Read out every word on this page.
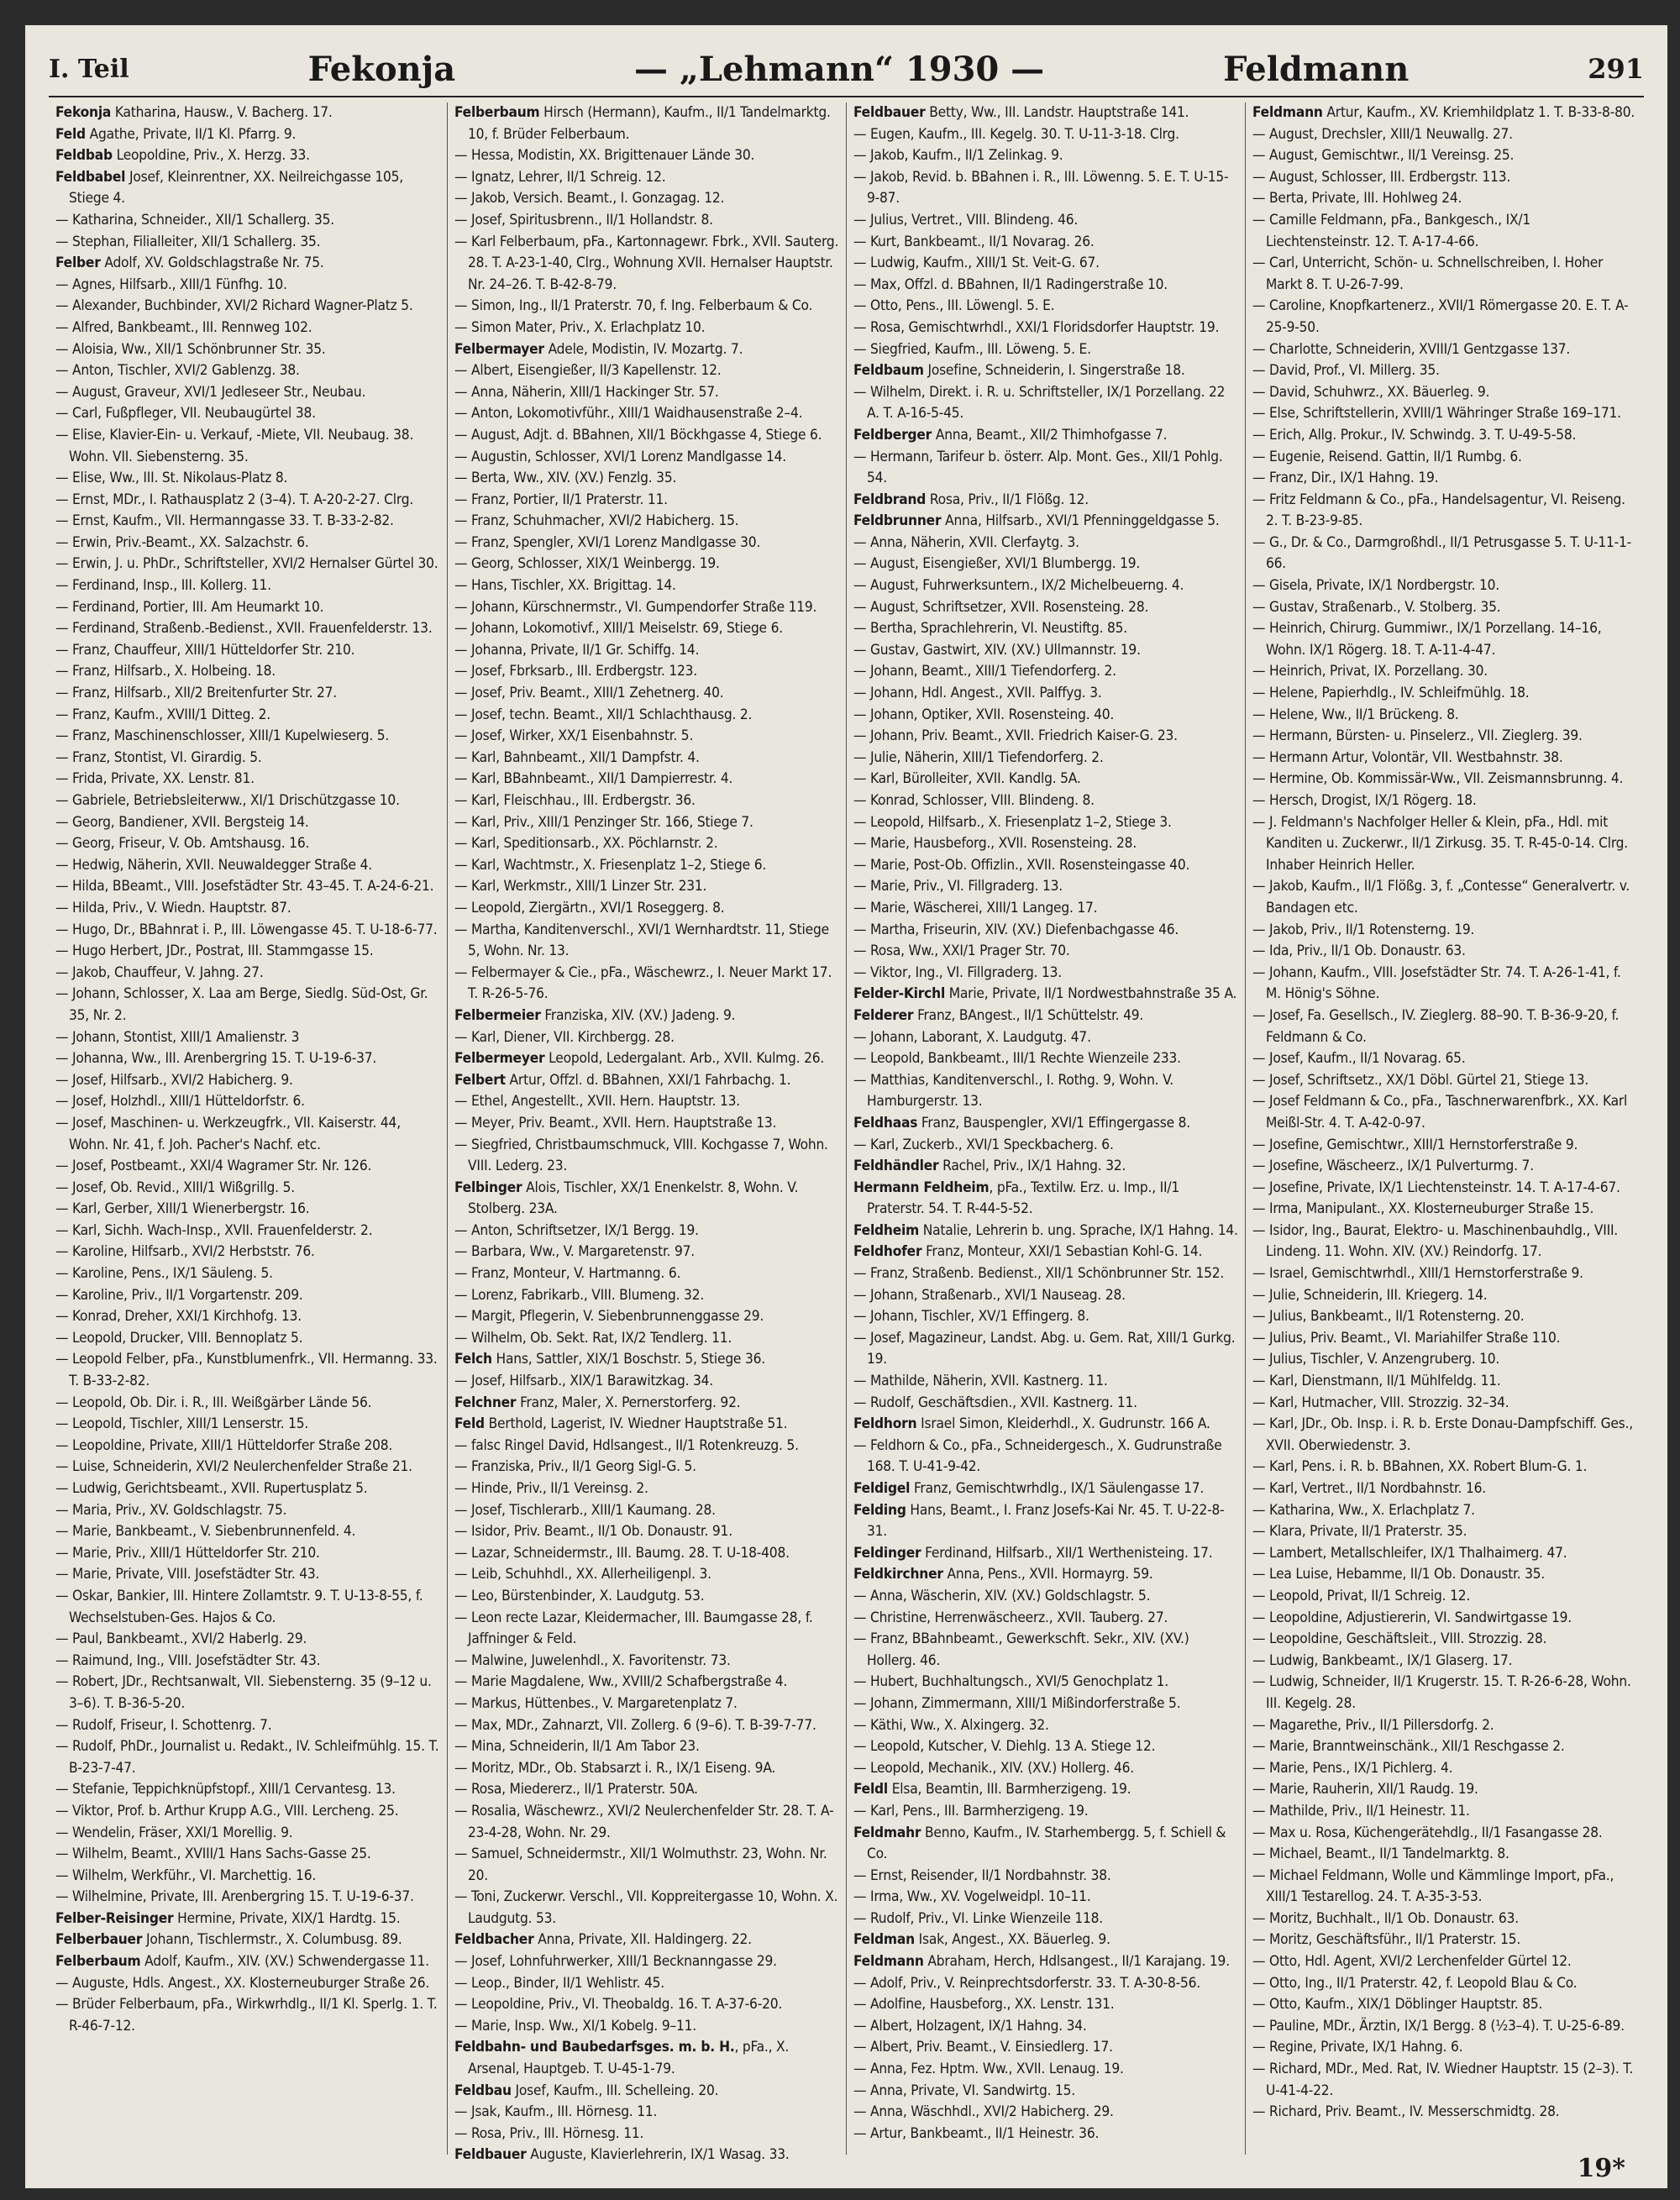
I. Teil	Fekonja	— „Lehmann“ 1930 —	Feldmann	291

Fekonja Katharina, Hausw., V. Bacherg. 17.

Feld Agathe, Private, II/1 Kl. Pfarrg. 9.

Feldbab Leopoldine, Priv., X. Herzg. 33.

Feldbabel Josef, Kleinrentner, XX. Neilreichgasse 105, Stiege 4.

— Katharina, Schneider., XII/1 Schallerg. 35.

— Stephan, Filialleiter, XII/1 Schallerg. 35.

Felber Adolf, XV. Goldschlagstraße Nr. 75.

— Agnes, Hilfsarb., XIII/1 Fünfhg. 10.

— Alexander, Buchbinder, XVI/2 Richard Wagner-Platz 5.

— Alfred, Bankbeamt., III. Rennweg 102.

— Aloisia, Ww., XII/1 Schönbrunner Str. 35.

— Anton, Tischler, XVI/2 Gablenzg. 38.

— August, Graveur, XVI/1 Jedleseer Str., Neubau.

— Carl, Fußpfleger, VII. Neubaugürtel 38.

— Elise, Klavier-Ein- u. Verkauf, -Miete, VII. Neubaug. 38. Wohn. VII. Siebensterng. 35.

— Elise, Ww., III. St. Nikolaus-Platz 8.

— Ernst, MDr., I. Rathausplatz 2 (3–4). T. A-20-2-27. Clrg.

— Ernst, Kaufm., VII. Hermanngasse 33. T. B-33-2-82.

— Erwin, Priv.-Beamt., XX. Salzachstr. 6.

— Erwin, J. u. PhDr., Schriftsteller, XVI/2 Hernalser Gürtel 30.

— Ferdinand, Insp., III. Kollerg. 11.

— Ferdinand, Portier, III. Am Heumarkt 10.

— Ferdinand, Straßenb.-Bedienst., XVII. Frauenfelderstr. 13.

— Franz, Chauffeur, XIII/1 Hütteldorfer Str. 210.

— Franz, Hilfsarb., X. Holbeing. 18.

— Franz, Hilfsarb., XII/2 Breitenfurter Str. 27.

— Franz, Kaufm., XVIII/1 Ditteg. 2.

— Franz, Maschinenschlosser, XIII/1 Kupelwieserg. 5.

— Franz, Stontist, VI. Girardig. 5.

— Frida, Private, XX. Lenstr. 81.

— Gabriele, Betriebsleiterww., XI/1 Drischützgasse 10.

— Georg, Bandiener, XVII. Bergsteig 14.

— Georg, Friseur, V. Ob. Amtshausg. 16.

— Hedwig, Näherin, XVII. Neuwaldegger Straße 4.

— Hilda, BBeamt., VIII. Josefstädter Str. 43–45. T. A-24-6-21.

— Hilda, Priv., V. Wiedn. Hauptstr. 87.

— Hugo, Dr., BBahnrat i. P., III. Löwengasse 45. T. U-18-6-77.

— Hugo Herbert, JDr., Postrat, III. Stammgasse 15.

— Jakob, Chauffeur, V. Jahng. 27.

— Johann, Schlosser, X. Laa am Berge, Siedlg. Süd-Ost, Gr. 35, Nr. 2.

— Johann, Stontist, XIII/1 Amalienstr. 3

— Johanna, Ww., III. Arenbergring 15. T. U-19-6-37.

— Josef, Hilfsarb., XVI/2 Habicherg. 9.

— Josef, Holzhdl., XIII/1 Hütteldorfstr. 6.

— Josef, Maschinen- u. Werkzeugfrk., VII. Kaiserstr. 44, Wohn. Nr. 41, f. Joh. Pacher's Nachf. etc.

— Josef, Postbeamt., XXI/4 Wagramer Str. Nr. 126.

— Josef, Ob. Revid., XIII/1 Wißgrillg. 5.

— Karl, Gerber, XIII/1 Wienerbergstr. 16.

— Karl, Sichh. Wach-Insp., XVII. Frauenfelderstr. 2.

— Karoline, Hilfsarb., XVI/2 Herbststr. 76.

— Karoline, Pens., IX/1 Säuleng. 5.

— Karoline, Priv., II/1 Vorgartenstr. 209.

— Konrad, Dreher, XXI/1 Kirchhofg. 13.

— Leopold, Drucker, VIII. Bennoplatz 5.

— Leopold Felber, pFa., Kunstblumenfrk., VII. Hermanng. 33. T. B-33-2-82.

— Leopold, Ob. Dir. i. R., III. Weißgärber Lände 56.

— Leopold, Tischler, XIII/1 Lenserstr. 15.

— Leopoldine, Private, XIII/1 Hütteldorfer Straße 208.

— Luise, Schneiderin, XVI/2 Neulerchenfelder Straße 21.

— Ludwig, Gerichtsbeamt., XVII. Rupertusplatz 5.

— Maria, Priv., XV. Goldschlagstr. 75.

— Marie, Bankbeamt., V. Siebenbrunnenfeld. 4.

— Marie, Priv., XIII/1 Hütteldorfer Str. 210.

— Marie, Private, VIII. Josefstädter Str. 43.

— Oskar, Bankier, III. Hintere Zollamtstr. 9. T. U-13-8-55, f. Wechselstuben-Ges. Hajos & Co.

— Paul, Bankbeamt., XVI/2 Haberlg. 29.

— Raimund, Ing., VIII. Josefstädter Str. 43.

— Robert, JDr., Rechtsanwalt, VII. Siebensterng. 35 (9–12 u. 3–6). T. B-36-5-20.

— Rudolf, Friseur, I. Schottenrg. 7.

— Rudolf, PhDr., Journalist u. Redakt., IV. Schleifmühlg. 15. T. B-23-7-47.

— Stefanie, Teppichknüpfstopf., XIII/1 Cervantesg. 13.

— Viktor, Prof. b. Arthur Krupp A.G., VIII. Lercheng. 25.

— Wendelin, Fräser, XXI/1 Morellig. 9.

— Wilhelm, Beamt., XVIII/1 Hans Sachs-Gasse 25.

— Wilhelm, Werkführ., VI. Marchettig. 16.

— Wilhelmine, Private, III. Arenbergring 15. T. U-19-6-37.

Felber-Reisinger Hermine, Private, XIX/1 Hardtg. 15.

Felberbauer Johann, Tischlermstr., X. Columbusg. 89.

Felberbaum Adolf, Kaufm., XIV. (XV.) Schwendergasse 11.

— Auguste, Hdls. Angest., XX. Klosterneuburger Straße 26.

— Brüder Felberbaum, pFa., Wirkwrhdlg., II/1 Kl. Sperlg. 1. T. R-46-7-12.

Felberbaum Hirsch (Hermann), Kaufm., II/1 Tandelmarktg. 10, f. Brüder Felberbaum.

— Hessa, Modistin, XX. Brigittenauer Lände 30.

— Ignatz, Lehrer, II/1 Schreig. 12.

— Jakob, Versich. Beamt., I. Gonzagag. 12.

— Josef, Spiritusbrenn., II/1 Hollandstr. 8.

— Karl Felberbaum, pFa., Kartonnagewr. Fbrk., XVII. Sauterg. 28. T. A-23-1-40, Clrg., Wohnung XVII. Hernalser Hauptstr. Nr. 24–26. T. B-42-8-79.

— Simon, Ing., II/1 Praterstr. 70, f. Ing. Felberbaum & Co.

— Simon Mater, Priv., X. Erlachplatz 10.

Felbermayer Adele, Modistin, IV. Mozartg. 7.

— Albert, Eisengießer, II/3 Kapellenstr. 12.

— Anna, Näherin, XIII/1 Hackinger Str. 57.

— Anton, Lokomotivführ., XIII/1 Waidhausenstraße 2–4.

— August, Adjt. d. BBahnen, XII/1 Böckhgasse 4, Stiege 6.

— Augustin, Schlosser, XVI/1 Lorenz Mandlgasse 14.

— Berta, Ww., XIV. (XV.) Fenzlg. 35.

— Franz, Portier, II/1 Praterstr. 11.

— Franz, Schuhmacher, XVI/2 Habicherg. 15.

— Franz, Spengler, XVI/1 Lorenz Mandlgasse 30.

— Georg, Schlosser, XIX/1 Weinbergg. 19.

— Hans, Tischler, XX. Brigittag. 14.

— Johann, Kürschnermstr., VI. Gumpendorfer Straße 119.

— Johann, Lokomotivf., XIII/1 Meiselstr. 69, Stiege 6.

— Johanna, Private, II/1 Gr. Schiffg. 14.

— Josef, Fbrksarb., III. Erdbergstr. 123.

— Josef, Priv. Beamt., XIII/1 Zehetnerg. 40.

— Josef, techn. Beamt., XII/1 Schlachthausg. 2.

— Josef, Wirker, XX/1 Eisenbahnstr. 5.

— Karl, Bahnbeamt., XII/1 Dampfstr. 4.

— Karl, BBahnbeamt., XII/1 Dampierrestr. 4.

— Karl, Fleischhau., III. Erdbergstr. 36.

— Karl, Priv., XIII/1 Penzinger Str. 166, Stiege 7.

— Karl, Speditionsarb., XX. Pöchlarnstr. 2.

— Karl, Wachtmstr., X. Friesenplatz 1–2, Stiege 6.

— Karl, Werkmstr., XIII/1 Linzer Str. 231.

— Leopold, Ziergärtn., XVI/1 Roseggerg. 8.

— Martha, Kanditenverschl., XVI/1 Wernhardtstr. 11, Stiege 5, Wohn. Nr. 13.

— Felbermayer & Cie., pFa., Wäschewrz., I. Neuer Markt 17. T. R-26-5-76.

Felbermeier Franziska, XIV. (XV.) Jadeng. 9.

— Karl, Diener, VII. Kirchbergg. 28.

Felbermeyer Leopold, Ledergalant. Arb., XVII. Kulmg. 26.

Felbert Artur, Offzl. d. BBahnen, XXI/1 Fahrbachg. 1.

— Ethel, Angestellt., XVII. Hern. Hauptstr. 13.

— Meyer, Priv. Beamt., XVII. Hern. Hauptstraße 13.

— Siegfried, Christbaumschmuck, VIII. Kochgasse 7, Wohn. VIII. Lederg. 23.

Felbinger Alois, Tischler, XX/1 Enenkelstr. 8, Wohn. V. Stolberg. 23A.

— Anton, Schriftsetzer, IX/1 Bergg. 19.

— Barbara, Ww., V. Margaretenstr. 97.

— Franz, Monteur, V. Hartmanng. 6.

— Lorenz, Fabrikarb., VIII. Blumeng. 32.

— Margit, Pflegerin, V. Siebenbrunnenggasse 29.

— Wilhelm, Ob. Sekt. Rat, IX/2 Tendlerg. 11.

Felch Hans, Sattler, XIX/1 Boschstr. 5, Stiege 36.

— Josef, Hilfsarb., XIX/1 Barawitzkag. 34.

Felchner Franz, Maler, X. Pernerstorferg. 92.

Feld Berthold, Lagerist, IV. Wiedner Hauptstraße 51.

— falsc Ringel David, Hdlsangest., II/1 Rotenkreuzg. 5.

— Franziska, Priv., II/1 Georg Sigl-G. 5.

— Hinde, Priv., II/1 Vereinsg. 2.

— Josef, Tischlerarb., XIII/1 Kaumang. 28.

— Isidor, Priv. Beamt., II/1 Ob. Donaustr. 91.

— Lazar, Schneidermstr., III. Baumg. 28. T. U-18-408.

— Leib, Schuhhdl., XX. Allerheiligenpl. 3.

— Leo, Bürstenbinder, X. Laudgutg. 53.

— Leon recte Lazar, Kleidermacher, III. Baumgasse 28, f. Jaffninger & Feld.

— Malwine, Juwelenhdl., X. Favoritenstr. 73.

— Marie Magdalene, Ww., XVIII/2 Schafbergstraße 4.

— Markus, Hüttenbes., V. Margaretenplatz 7.

— Max, MDr., Zahnarzt, VII. Zollerg. 6 (9–6). T. B-39-7-77.

— Mina, Schneiderin, II/1 Am Tabor 23.

— Moritz, MDr., Ob. Stabsarzt i. R., IX/1 Eiseng. 9A.

— Rosa, Miedererz., II/1 Praterstr. 50A.

— Rosalia, Wäschewrz., XVI/2 Neulerchenfelder Str. 28. T. A-23-4-28, Wohn. Nr. 29.

— Samuel, Schneidermstr., XII/1 Wolmuthstr. 23, Wohn. Nr. 20.

— Toni, Zuckerwr. Verschl., VII. Koppreitergasse 10, Wohn. X. Laudgutg. 53.

Feldbacher Anna, Private, XII. Haldingerg. 22.

— Josef, Lohnfuhrwerker, XIII/1 Becknanngasse 29.

— Leop., Binder, II/1 Wehlistr. 45.

— Leopoldine, Priv., VI. Theobaldg. 16. T. A-37-6-20.

— Marie, Insp. Ww., XI/1 Kobelg. 9–11.

Feldbahn- und Baubedarfsges. m. b. H., pFa., X. Arsenal, Hauptgeb. T. U-45-1-79.

Feldbau Josef, Kaufm., III. Schelleing. 20.

— Jsak, Kaufm., III. Hörnesg. 11.

— Rosa, Priv., III. Hörnesg. 11.

Feldbauer Auguste, Klavierlehrerin, IX/1 Wasag. 33.

Feldbauer Betty, Ww., III. Landstr. Hauptstraße 141.

— Eugen, Kaufm., III. Kegelg. 30. T. U-11-3-18. Clrg.

— Jakob, Kaufm., II/1 Zelinkag. 9.

— Jakob, Revid. b. BBahnen i. R., III. Löwenng. 5. E. T. U-15-9-87.

— Julius, Vertret., VIII. Blindeng. 46.

— Kurt, Bankbeamt., II/1 Novarag. 26.

— Ludwig, Kaufm., XIII/1 St. Veit-G. 67.

— Max, Offzl. d. BBahnen, II/1 Radingerstraße 10.

— Otto, Pens., III. Löwengl. 5. E.

— Rosa, Gemischtwrhdl., XXI/1 Floridsdorfer Hauptstr. 19.

— Siegfried, Kaufm., III. Löweng. 5. E.

Feldbaum Josefine, Schneiderin, I. Singerstraße 18.

— Wilhelm, Direkt. i. R. u. Schriftsteller, IX/1 Porzellang. 22 A. T. A-16-5-45.

Feldberger Anna, Beamt., XII/2 Thimhofgasse 7.

— Hermann, Tarifeur b. österr. Alp. Mont. Ges., XII/1 Pohlg. 54.

Feldbrand Rosa, Priv., II/1 Flößg. 12.

Feldbrunner Anna, Hilfsarb., XVI/1 Pfenninggeldgasse 5.

— Anna, Näherin, XVII. Clerfaytg. 3.

— August, Eisengießer, XVI/1 Blumbergg. 19.

— August, Fuhrwerksuntern., IX/2 Michelbeuerng. 4.

— August, Schriftsetzer, XVII. Rosensteing. 28.

— Bertha, Sprachlehrerin, VI. Neustiftg. 85.

— Gustav, Gastwirt, XIV. (XV.) Ullmannstr. 19.

— Johann, Beamt., XIII/1 Tiefendorferg. 2.

— Johann, Hdl. Angest., XVII. Palffyg. 3.

— Johann, Optiker, XVII. Rosensteing. 40.

— Johann, Priv. Beamt., XVII. Friedrich Kaiser-G. 23.

— Julie, Näherin, XIII/1 Tiefendorferg. 2.

— Karl, Bürolleiter, XVII. Kandlg. 5A.

— Konrad, Schlosser, VIII. Blindeng. 8.

— Leopold, Hilfsarb., X. Friesenplatz 1–2, Stiege 3.

— Marie, Hausbeforg., XVII. Rosensteing. 28.

— Marie, Post-Ob. Offizlin., XVII. Rosensteingasse 40.

— Marie, Priv., VI. Fillgraderg. 13.

— Marie, Wäscherei, XIII/1 Langeg. 17.

— Martha, Friseurin, XIV. (XV.) Diefenbachgasse 46.

— Rosa, Ww., XXI/1 Prager Str. 70.

— Viktor, Ing., VI. Fillgraderg. 13.

Felder-Kirchl Marie, Private, II/1 Nordwestbahnstraße 35 A.

Felderer Franz, BAngest., II/1 Schüttelstr. 49.

— Johann, Laborant, X. Laudgutg. 47.

— Leopold, Bankbeamt., III/1 Rechte Wienzeile 233.

— Matthias, Kanditenverschl., I. Rothg. 9, Wohn. V. Hamburgerstr. 13.

Feldhaas Franz, Bauspengler, XVI/1 Effingergasse 8.

— Karl, Zuckerb., XVI/1 Speckbacherg. 6.

Feldhändler Rachel, Priv., IX/1 Hahng. 32.

Hermann Feldheim, pFa., Textilw. Erz. u. Imp., II/1 Praterstr. 54. T. R-44-5-52.

Feldheim Natalie, Lehrerin b. ung. Sprache, IX/1 Hahng. 14.

Feldhofer Franz, Monteur, XXI/1 Sebastian Kohl-G. 14.

— Franz, Straßenb. Bedienst., XII/1 Schönbrunner Str. 152.

— Johann, Straßenarb., XVI/1 Nauseag. 28.

— Johann, Tischler, XV/1 Effingerg. 8.

— Josef, Magazineur, Landst. Abg. u. Gem. Rat, XIII/1 Gurkg. 19.

— Mathilde, Näherin, XVII. Kastnerg. 11.

— Rudolf, Geschäftsdien., XVII. Kastnerg. 11.

Feldhorn Israel Simon, Kleiderhdl., X. Gudrunstr. 166 A.

— Feldhorn & Co., pFa., Schneidergesch., X. Gudrunstraße 168. T. U-41-9-42.

Feldigel Franz, Gemischtwrhdlg., IX/1 Säulengasse 17.

Felding Hans, Beamt., I. Franz Josefs-Kai Nr. 45. T. U-22-8-31.

Feldinger Ferdinand, Hilfsarb., XII/1 Werthenisteing. 17.

Feldkirchner Anna, Pens., XVII. Hormayrg. 59.

— Anna, Wäscherin, XIV. (XV.) Goldschlagstr. 5.

— Christine, Herrenwäscheerz., XVII. Tauberg. 27.

— Franz, BBahnbeamt., Gewerkschft. Sekr., XIV. (XV.) Hollerg. 46.

— Hubert, Buchhaltungsch., XVI/5 Genochplatz 1.

— Johann, Zimmermann, XIII/1 Mißindorferstraße 5.

— Käthi, Ww., X. Alxingerg. 32.

— Leopold, Kutscher, V. Diehlg. 13 A. Stiege 12.

— Leopold, Mechanik., XIV. (XV.) Hollerg. 46.

Feldl Elsa, Beamtin, III. Barmherzigeng. 19.

— Karl, Pens., III. Barmherzigeng. 19.

Feldmahr Benno, Kaufm., IV. Starhembergg. 5, f. Schiell & Co.

— Ernst, Reisender, II/1 Nordbahnstr. 38.

— Irma, Ww., XV. Vogelweidpl. 10–11.

— Rudolf, Priv., VI. Linke Wienzeile 118.

Feldman Isak, Angest., XX. Bäuerleg. 9.

Feldmann Abraham, Herch, Hdlsangest., II/1 Karajang. 19.

— Adolf, Priv., V. Reinprechtsdorferstr. 33. T. A-30-8-56.

— Adolfine, Hausbeforg., XX. Lenstr. 131.

— Albert, Holzagent, IX/1 Hahng. 34.

— Albert, Priv. Beamt., V. Einsiedlerg. 17.

— Anna, Fez. Hptm. Ww., XVII. Lenaug. 19.

— Anna, Private, VI. Sandwirtg. 15.

— Anna, Wäschhdl., XVI/2 Habicherg. 29.

— Artur, Bankbeamt., II/1 Heinestr. 36.

Feldmann Artur, Kaufm., XV. Kriemhildplatz 1. T. B-33-8-80.

— August, Drechsler, XIII/1 Neuwallg. 27.

— August, Gemischtwr., II/1 Vereinsg. 25.

— August, Schlosser, III. Erdbergstr. 113.

— Berta, Private, III. Hohlweg 24.

— Camille Feldmann, pFa., Bankgesch., IX/1 Liechtensteinstr. 12. T. A-17-4-66.

— Carl, Unterricht, Schön- u. Schnellschreiben, I. Hoher Markt 8. T. U-26-7-99.

— Caroline, Knopfkartenerz., XVII/1 Römergasse 20. E. T. A-25-9-50.

— Charlotte, Schneiderin, XVIII/1 Gentzgasse 137.

— David, Prof., VI. Millerg. 35.

— David, Schuhwrz., XX. Bäuerleg. 9.

— Else, Schriftstellerin, XVIII/1 Währinger Straße 169–171.

— Erich, Allg. Prokur., IV. Schwindg. 3. T. U-49-5-58.

— Eugenie, Reisend. Gattin, II/1 Rumbg. 6.

— Franz, Dir., IX/1 Hahng. 19.

— Fritz Feldmann & Co., pFa., Handelsagentur, VI. Reiseng. 2. T. B-23-9-85.

— G., Dr. & Co., Darmgroßhdl., II/1 Petrusgasse 5. T. U-11-1-66.

— Gisela, Private, IX/1 Nordbergstr. 10.

— Gustav, Straßenarb., V. Stolberg. 35.

— Heinrich, Chirurg. Gummiwr., IX/1 Porzellang. 14–16, Wohn. IX/1 Rögerg. 18. T. A-11-4-47.

— Heinrich, Privat, IX. Porzellang. 30.

— Helene, Papierhdlg., IV. Schleifmühlg. 18.

— Helene, Ww., II/1 Brückeng. 8.

— Hermann, Bürsten- u. Pinselerz., VII. Zieglerg. 39.

— Hermann Artur, Volontär, VII. Westbahnstr. 38.

— Hermine, Ob. Kommissär-Ww., VII. Zeismannsbrunng. 4.

— Hersch, Drogist, IX/1 Rögerg. 18.

— J. Feldmann's Nachfolger Heller & Klein, pFa., Hdl. mit Kanditen u. Zuckerwr., II/1 Zirkusg. 35. T. R-45-0-14. Clrg. Inhaber Heinrich Heller.

— Jakob, Kaufm., II/1 Flößg. 3, f. „Contesse“ Generalvertr. v. Bandagen etc.

— Jakob, Priv., II/1 Rotensterng. 19.

— Ida, Priv., II/1 Ob. Donaustr. 63.

— Johann, Kaufm., VIII. Josefstädter Str. 74. T. A-26-1-41, f. M. Hönig's Söhne.

— Josef, Fa. Gesellsch., IV. Zieglerg. 88–90. T. B-36-9-20, f. Feldmann & Co.

— Josef, Kaufm., II/1 Novarag. 65.

— Josef, Schriftsetz., XX/1 Döbl. Gürtel 21, Stiege 13.

— Josef Feldmann & Co., pFa., Taschnerwarenfbrk., XX. Karl Meißl-Str. 4. T. A-42-0-97.

— Josefine, Gemischtwr., XIII/1 Hernstorferstraße 9.

— Josefine, Wäscheerz., IX/1 Pulverturmg. 7.

— Josefine, Private, IX/1 Liechtensteinstr. 14. T. A-17-4-67.

— Irma, Manipulant., XX. Klosterneuburger Straße 15.

— Isidor, Ing., Baurat, Elektro- u. Maschinenbauhdlg., VIII. Lindeng. 11. Wohn. XIV. (XV.) Reindorfg. 17.

— Israel, Gemischtwrhdl., XIII/1 Hernstorferstraße 9.

— Julie, Schneiderin, III. Kriegerg. 14.

— Julius, Bankbeamt., II/1 Rotensterng. 20.

— Julius, Priv. Beamt., VI. Mariahilfer Straße 110.

— Julius, Tischler, V. Anzengruberg. 10.

— Karl, Dienstmann, II/1 Mühlfeldg. 11.

— Karl, Hutmacher, VIII. Strozzig. 32–34.

— Karl, JDr., Ob. Insp. i. R. b. Erste Donau-Dampfschiff. Ges., XVII. Oberwiedenstr. 3.

— Karl, Pens. i. R. b. BBahnen, XX. Robert Blum-G. 1.

— Karl, Vertret., II/1 Nordbahnstr. 16.

— Katharina, Ww., X. Erlachplatz 7.

— Klara, Private, II/1 Praterstr. 35.

— Lambert, Metallschleifer, IX/1 Thalhaimerg. 47.

— Lea Luise, Hebamme, II/1 Ob. Donaustr. 35.

— Leopold, Privat, II/1 Schreig. 12.

— Leopoldine, Adjustiererin, VI. Sandwirtgasse 19.

— Leopoldine, Geschäftsleit., VIII. Strozzig. 28.

— Ludwig, Bankbeamt., IX/1 Glaserg. 17.

— Ludwig, Schneider, II/1 Krugerstr. 15. T. R-26-6-28, Wohn. III. Kegelg. 28.

— Magarethe, Priv., II/1 Pillersdorfg. 2.

— Marie, Branntweinschänk., XII/1 Reschgasse 2.

— Marie, Pens., IX/1 Pichlerg. 4.

— Marie, Rauherin, XII/1 Raudg. 19.

— Mathilde, Priv., II/1 Heinestr. 11.

— Max u. Rosa, Küchengerätehdlg., II/1 Fasangasse 28.

— Michael, Beamt., II/1 Tandelmarktg. 8.

— Michael Feldmann, Wolle und Kämmlinge Import, pFa., XIII/1 Testarellog. 24. T. A-35-3-53.

— Moritz, Buchhalt., II/1 Ob. Donaustr. 63.

— Moritz, Geschäftsführ., II/1 Praterstr. 15.

— Otto, Hdl. Agent, XVI/2 Lerchenfelder Gürtel 12.

— Otto, Ing., II/1 Praterstr. 42, f. Leopold Blau & Co.

— Otto, Kaufm., XIX/1 Döblinger Hauptstr. 85.

— Pauline, MDr., Ärztin, IX/1 Bergg. 8 (½3–4). T. U-25-6-89.

— Regine, Private, IX/1 Hahng. 6.

— Richard, MDr., Med. Rat, IV. Wiedner Hauptstr. 15 (2–3). T. U-41-4-22.

— Richard, Priv. Beamt., IV. Messerschmidtg. 28.

19*
